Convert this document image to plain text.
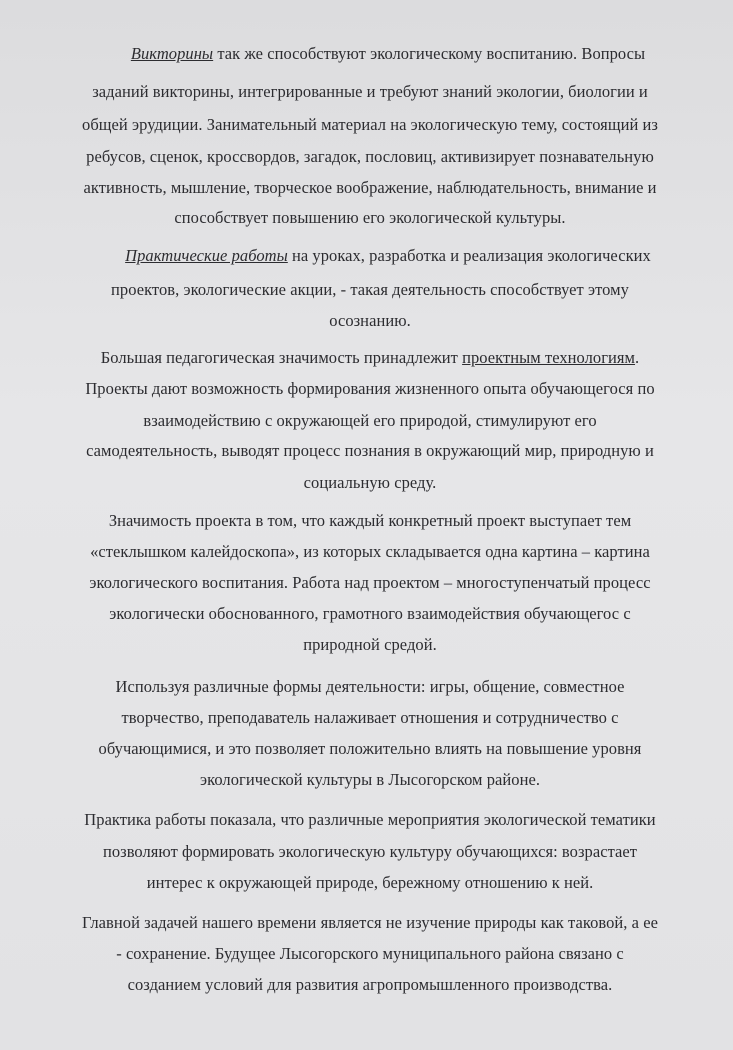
Викторины так же способствуют экологическому воспитанию. Вопросы
заданий викторины, интегрированные и требуют знаний экологии, биологии и
общей эрудиции. Занимательный материал на экологическую тему, состоящий из
ребусов, сценок, кроссвордов, загадок, пословиц, активизирует познавательную
активность, мышление, творческое воображение, наблюдательность, внимание и
способствует повышению его экологической культуры.
Практические работы на уроках, разработка и реализация экологических
проектов, экологические акции, - такая деятельность способствует этому
осознанию.
Большая педагогическая значимость принадлежит проектным технологиям.
Проекты дают возможность формирования жизненного опыта обучающегося по
взаимодействию с окружающей его природой, стимулируют его
самодеятельность, выводят процесс познания в окружающий мир, природную и
социальную среду.
Значимость проекта в том, что каждый конкретный проект выступает тем
«стеклышком калейдоскопа», из которых складывается одна картина – картина
экологического воспитания. Работа над проектом – многоступенчатый процесс
экологически обоснованного, грамотного взаимодействия обучающегос с
природной средой.
Используя различные формы деятельности: игры, общение, совместное
творчество, преподаватель налаживает отношения и сотрудничество с
обучающимися, и это позволяет положительно влиять на повышение уровня
экологической культуры в Лысогорском районе.
Практика работы показала, что различные мероприятия экологической тематики
позволяют формировать экологическую культуру обучающихся: возрастает
интерес к окружающей природе, бережному отношению к ней.
Главной задачей нашего времени является не изучение природы как таковой, а ее
- сохранение. Будущее Лысогорского муниципального района связано с
созданием условий для развития агропромышленного производства.
